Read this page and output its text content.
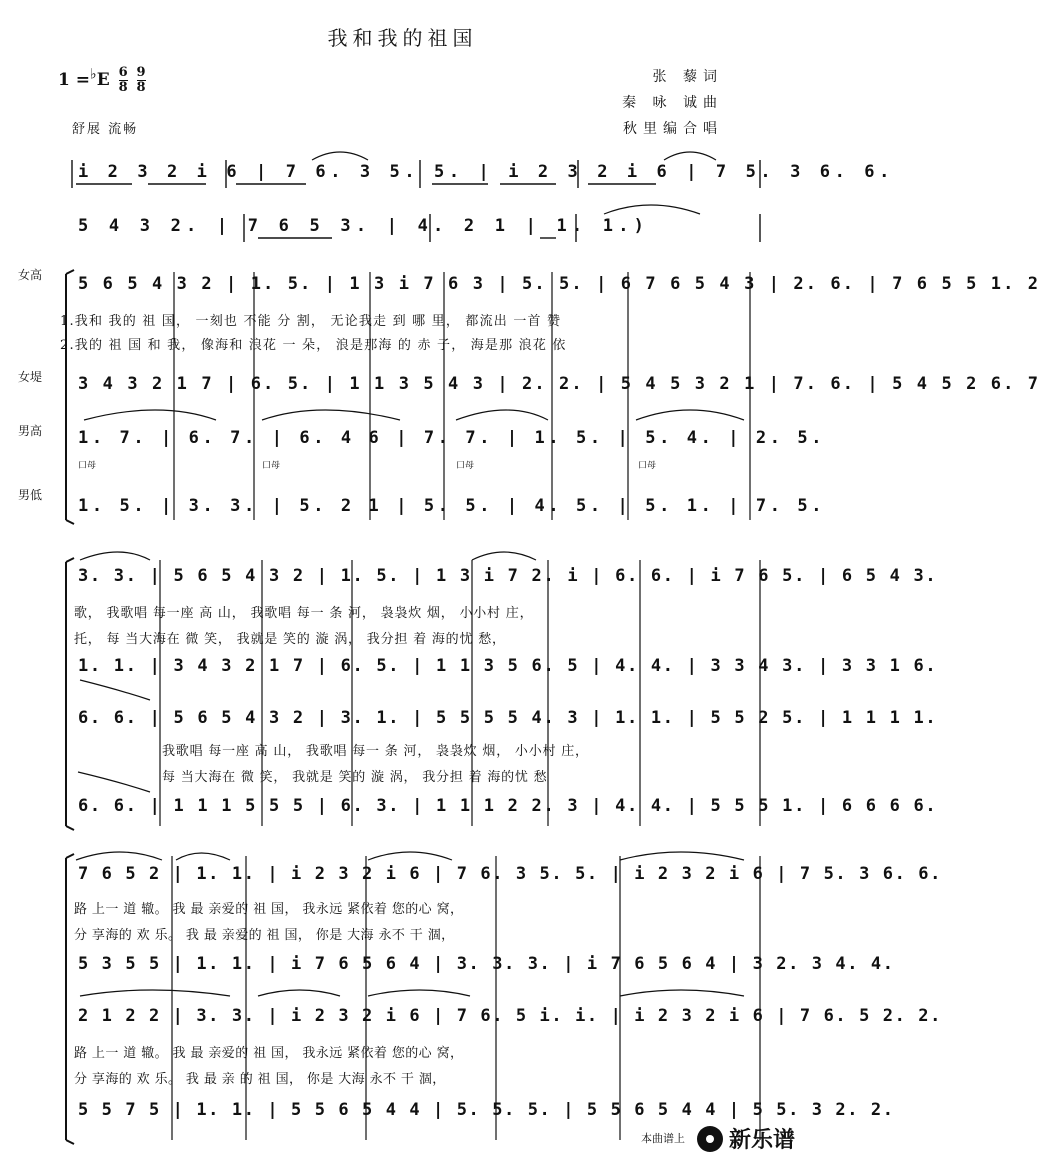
我和我的祖国
$1 =^♭E \frac{6}{8}$
$\frac{9}{8}$
舒展 流畅
张 藜词
秦 咏 诚曲
秋里编合唱
i 2 3 2 i 6 | 7 6. 3 5. 5. | i 2 3 2 i 6 | 7 5. 3 6. 6.
5 4 3 2. | 7 6 5 3. | 4. 2 1 | 1. 1.)
女高
女堤
男高
男低
5 6 5 4 3 2 | 1. 5. | 1 3 i 7 6 3 | 5. 5. | 6 7 6 5 4 3 | 2. 6. | 7 6 5 5 1. 2
1.我和 我的 祖 国， 一刻也 不能 分 割， 无论我走 到 哪 里， 都流出 一首 赞
2.我的 祖 国 和 我， 像海和 浪花 一 朵， 浪是那海 的 赤 子， 海是那 浪花 依
3 4 3 2 1 7 | 6. 5. | 1 1 3 5 4 3 | 2. 2. | 5 4 5 3 2 1 | 7. 6. | 5 4 5 2 6. 7
1. 7. | 6. 7. | 6. 4 6 | 7. 7. | 1. 5. | 5. 4. | 2. 5.
口母	口母	口母	口母
1. 5. | 3. 3. | 5. 2 1 | 5. 5. | 4. 5. | 5. 1. | 7. 5.
3. 3. | 5 6 5 4 3 2 | 1. 5. | 1 3 i 7 2. i | 6. 6. | i 7 6 5. | 6 5 4 3.
歌， 我歌唱 每一座 高 山， 我歌唱 每一 条 河， 袅袅炊 烟， 小小村 庄，
托， 每 当大海在 微 笑， 我就是 笑的 漩 涡， 我分担 着 海的忧 愁，
1. 1. | 3 4 3 2 1 7 | 6. 5. | 1 1 3 5 6. 5 | 4. 4. | 3 3 4 3. | 3 3 1 6.
6. 6. | 5 6 5 4 3 2 | 3. 1. | 5 5 5 5 4. 3 | 1. 1. | 5 5 2 5. | 1 1 1 1.
我歌唱 每一座 高 山， 我歌唱 每一 条 河， 袅袅炊 烟， 小小村 庄，
每 当大海在 微 笑， 我就是 笑的 漩 涡， 我分担 着 海的忧 愁
6. 6. | 1 1 1 5 5 5 | 6. 3. | 1 1 1 2 2. 3 | 4. 4. | 5 5 5 1. | 6 6 6 6.
7 6 5 2 | 1. 1. | i 2 3 2 i 6 | 7 6. 3 5. 5. | i 2 3 2 i 6 | 7 5. 3 6. 6.
路 上一 道 辙。 我 最 亲爱的 祖 国， 我永远 紧依着 您的心 窝，
分 享海的 欢 乐。 我 最 亲爱的 祖 国， 你是 大海 永不 干 涸，
5 3 5 5 | 1. 1. | i 7 6 5 6 4 | 3. 3. 3. | i 7 6 5 6 4 | 3 2. 3 4. 4.
2 1 2 2 | 3. 3. | i 2 3 2 i 6 | 7 6. 5 i. i. | i 2 3 2 i 6 | 7 6. 5 2. 2.
路 上一 道 辙。 我 最 亲爱的 祖 国， 我永远 紧依着 您的心 窝，
分 享海的 欢 乐。 我 最 亲 的 祖 国， 你是 大海 永不 干 涸，
5 5 7 5 | 1. 1. | 5 5 6 5 4 4 | 5. 5. 5. | 5 5 6 5 4 4 | 5 5. 3 2. 2.
本曲谱上 新乐谱
